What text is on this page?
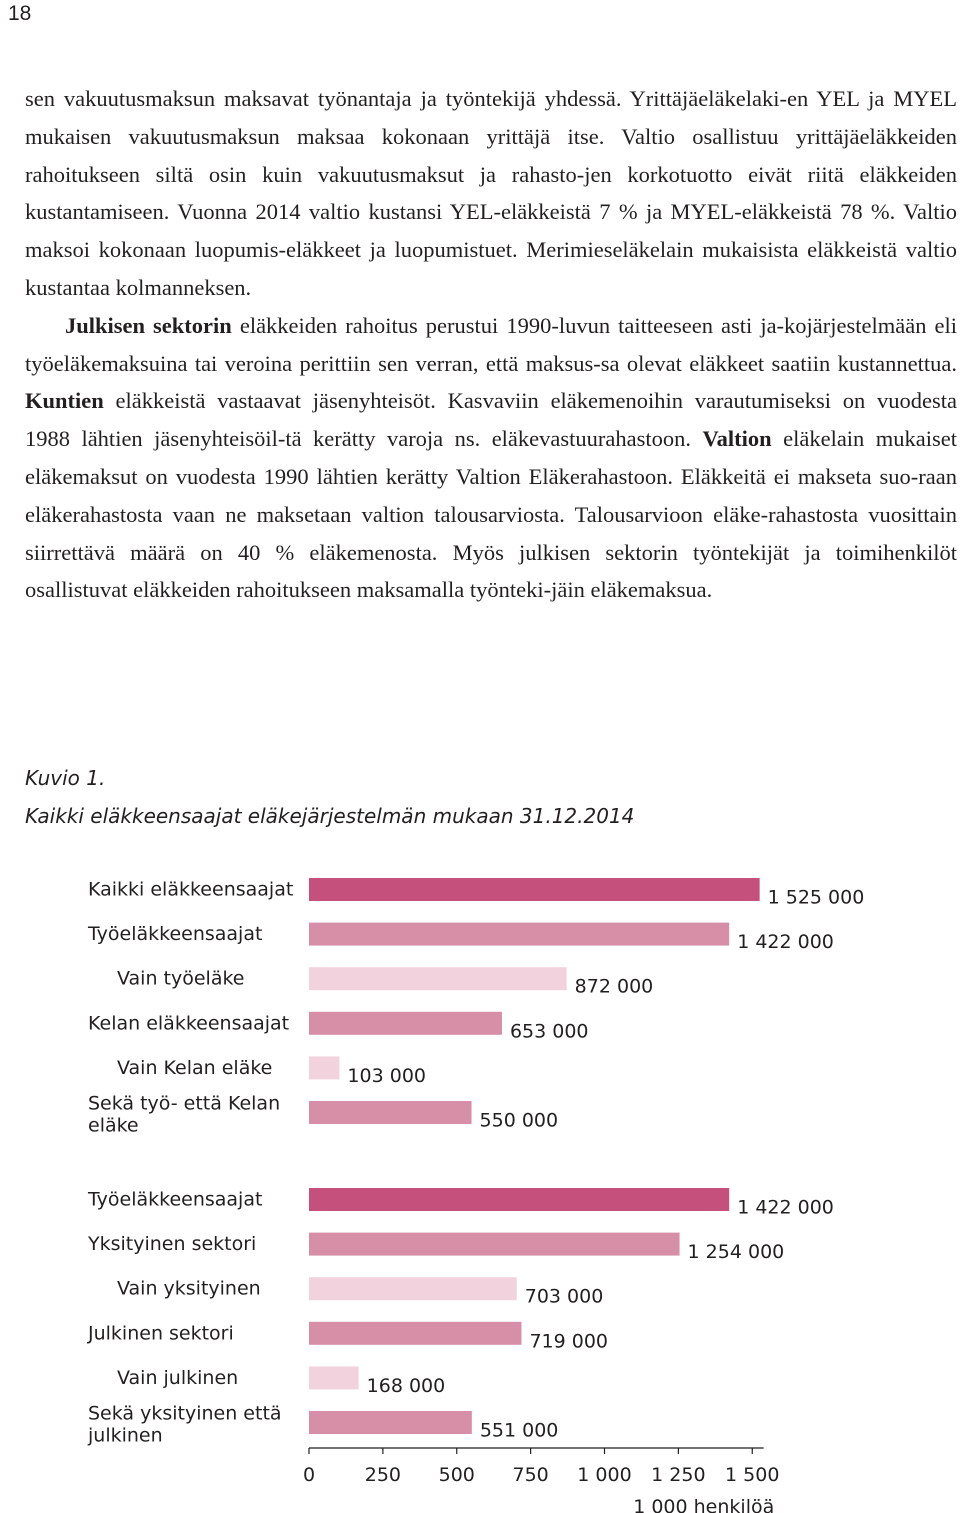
18

sen vakuutusmaksun maksavat työnantaja ja työntekijä yhdessä. Yrittäjäeläkelaki-en YEL ja MYEL mukaisen vakuutusmaksun maksaa kokonaan yrittäjä itse. Valtio osallistuu yrittäjäeläkkeiden rahoitukseen siltä osin kuin vakuutusmaksut ja rahasto-jen korkotuotto eivät riitä eläkkeiden kustantamiseen. Vuonna 2014 valtio kustansi YEL-eläkkeistä 7 % ja MYEL-eläkkeistä 78 %. Valtio maksoi kokonaan luopumis-eläkkeet ja luopumistuet. Merimieseläkelain mukaisista eläkkeistä valtio kustantaa kolmanneksen.

Julkisen sektorin eläkkeiden rahoitus perustui 1990-luvun taitteeseen asti ja-kojärjestelmään eli työeläkemaksuina tai veroina perittiin sen verran, että maksus-sa olevat eläkkeet saatiin kustannettua. Kuntien eläkkeistä vastaavat jäsenyhteisöt. Kasvaviin eläkemenoihin varautumiseksi on vuodesta 1988 lähtien jäsenyhteisöil-tä kerätty varoja ns. eläkevastuurahastoon. Valtion eläkelain mukaiset eläkemaksut on vuodesta 1990 lähtien kerätty Valtion Eläkerahastoon. Eläkkeitä ei makseta suo-raan eläkerahastosta vaan ne maksetaan valtion talousarviosta. Talousarvioon eläke-rahastosta vuosittain siirrettävä määrä on 40 % eläkemenosta. Myös julkisen sektorin työntekijät ja toimihenkilöt osallistuvat eläkkeiden rahoitukseen maksamalla työnteki-jäin eläkemaksua.

Kuvio 1.
Kaikki eläkkeensaajat eläkejärjestelmän mukaan 31.12.2014
1 525 000
Kaikki eläkkeensaajat
1 422 000
Työeläkkeensaajat
872 000
Vain työeläke
653 000
Kelan eläkkeensaajat
103 000
Vain Kelan eläke
550 000
Sekä työ- että Kelan
eläke
1 422 000
Työeläkkeensaajat
1 254 000
Yksityinen sektori
703 000
Vain yksityinen
719 000
Julkinen sektori
168 000
Vain julkinen
551 000
Sekä yksityinen että
julkinen
0	250 500 750 1 000 1 250 1 500
1 000 henkilöä
